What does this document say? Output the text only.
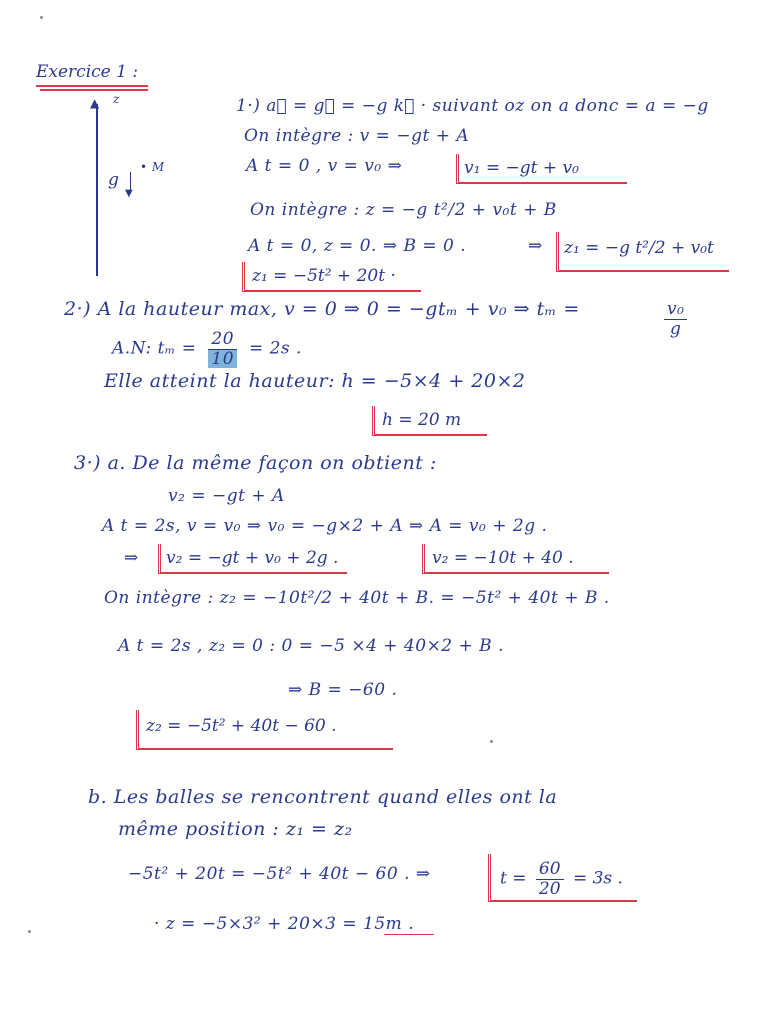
Exercice 1 :
▲ z
g
▼
• M
1·) a⃗ = g⃗ = −g k⃗ · suivant oz on a donc = a = −g
On intègre : v = −gt + A
A t = 0 , v = v₀ ⇒	v₁ = −gt + v₀
On intègre : z = −g t²/2 + v₀t + B
A t = 0, z = 0. ⇒ B = 0 .	⇒ z₁ = −g t²/2 + v₀t
z₁ = −5t² + 20t ·
2·) A la hauteur max, v = 0 ⇒ 0 = −gtₘ + v₀ ⇒ tₘ =	$\frac{\text{v₀}}{g}$
A.N: $t_m = \frac{20}{10} = 2s$ .
Elle atteint la hauteur: h = −5×4 + 20×2
h = 20 m
3·) a. De la même façon on obtient :
v₂ = −gt + A
A t = 2s, v = v₀ ⇒ v₀ = −g×2 + A ⇒ A = v₀ + 2g .
⇒ v₂ = −gt + v₀ + 2g .	v₂ = −10t + 40 .
On intègre : z₂ = −10t²/2 + 40t + B. = −5t² + 40t + B .
A t = 2s , z₂ = 0 : 0 = −5 ×4 + 40×2 + B .
⇒ B = −60 .
z₂ = −5t² + 40t − 60 .
b. Les balles se rencontrent quand elles ont la
même position : z₁ = z₂
−5t² + 20t = −5t² + 40t − 60 . ⇒	$t = \frac{60}{20} = 3s$ .
· z = −5×3² + 20×3 = 15m .
